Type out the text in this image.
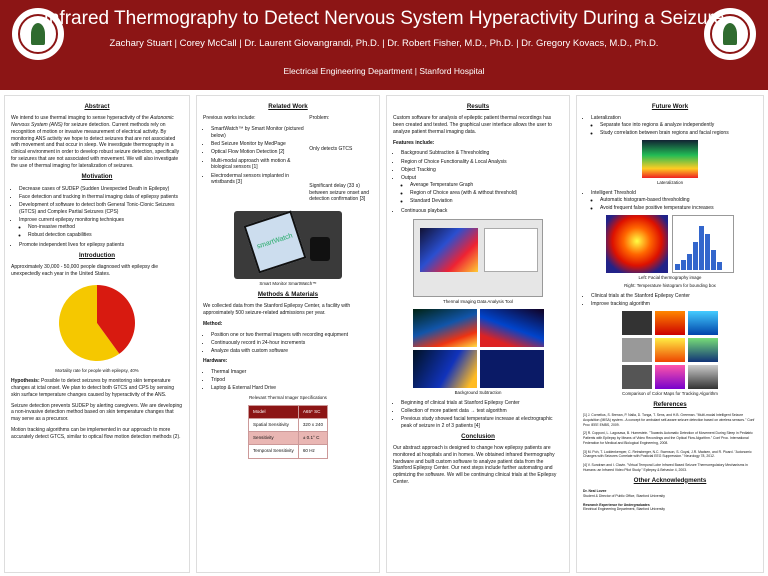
Infrared Thermography to Detect Nervous System Hyperactivity During a Seizure
Zachary Stuart | Corey McCall | Dr. Laurent Giovangrandi, Ph.D. | Dr. Robert Fisher, M.D., Ph.D. | Dr. Gregory Kovacs, M.D., Ph.D.
Electrical Engineering Department | Stanford Hospital
Abstract

We intend to use thermal imaging to sense hyperactivity of the Autonomic Nervous System (ANS) for seizure detection. Current methods rely on recognition of motion or invasive measurement of electrical activity. By monitoring ANS activity we hope to detect seizures that are not associated with movement and that occur in sleep. We investigate thermography in a clinical environment in order to develop robust seizure detection, specifically for seizures that are not associated with movement. We will also investigate the use of thermal imaging for lateralization of seizures.

Motivation
• Decrease cases of SUDEP (Sudden Unexpected Death in Epilepsy)
• Face detection and tracking in thermal imaging data of epilepsy patients
• Development of software to detect both General Tonic-Clonic Seizures (GTCS) and Complex Partial Seizures (CPS)
• Improve current epilepsy monitoring techniques
◦ Non-invasive method
◦ Robust detection capabilities
• Promote independent lives for epilepsy patients
Introduction

Approximately 30,000 - 50,000 people diagnosed with epilepsy die unexpectedly each year in the United States.

Mortality rate for people with epilepsy, 40%

Hypothesis: Possible to detect seizures by monitoring skin temperature changes at ictal onset. We plan to detect both GTCS and CPS by sensing skin surface temperature changes caused by hyperactivity of the ANS.

Seizure detection prevents SUDEP by alerting caregivers. We are developing a non-invasive detection method based on skin temperature changes that may serve as a precursor.

Motion tracking algorithms can be implemented in our approach to more accurately detect GTCS, similar to optical flow motion detection methods (2).

Related Work

Previous works include:

• SmartWatch™ by Smart Monitor (pictured below)
• Bed Seizure Monitor by MedPage
• Optical Flow Motion Detection [2]
• Multi-modal approach with motion & biological sensors [1]
• Electrodermal sensors implanted in wristbands [3]

Problem:

Only detects GTCS

Significant delay (33 s) between seizure onset and detection confirmation [3]

smartWatch
Smart Monitor SmartWatch™
Methods & Materials

We collected data from the Stanford Epilepsy Center, a facility with approximately 500 seizure-related admissions per year.

Method:

• Position one or two thermal imagers with recording equipment
• Continuously record in 24-hour increments
• Analyze data with custom software

Hardware:

• Thermal Imager
• Tripod
• Laptop & External Hard Drive
Relevant Thermal Imager Specifications
Model	A65* SC
Spatial Sensitivity	320 x 240
Sensitivity	± 0.1° C
Temporal Sensitivity	60 Hz
Results

Custom software for analysis of epileptic patient thermal recordings has been created and tested. The graphical user interface allows the user to analyze patient thermal imaging data.

Features include:

• Background Subtraction & Thresholding
• Region of Choice Functionality & Local Analysis
• Object Tracking
• Output
◦ Average Temperature Graph
◦ Region of Choice area (with & without threshold)
◦ Standard Deviation
• Continuous playback
Thermal Imaging Data Analysis Tool
Background Subtraction
• Beginning of clinical trials at Stanford Epilepsy Center
• Collection of more patient data → test algorithm
• Previous study showed facial temperature increase at electrographic peak of seizure in 2 of 3 patients [4]
Conclusion

Our abstract approach is designed to change how epilepsy patients are monitored at hospitals and in homes. We obtained infrared thermography hardware and built custom software to analyze patient data from the Stanford Epilepsy Center. Our next steps include further automating and optimizing the software. We will be continuing clinical trials at the Epilepsy Center.

Future Work
• Lateralization
◦ Separate face into regions & analyze independently
◦ Study correlation between brain regions and facial regions
Lateralization
• Intelligent Threshold
◦ Automatic histogram-based thresholding
◦ Avoid frequent false positive temperature increases
Left: Facial thermography image
Right: Temperature histogram for bounding box
• Clinical trials at the Stanford Epilepsy Center
• Improve tracking algorithm
Comparison of Color Maps for Tracking Algorithm
References

[1] J. Cornelius, S. Brenan, P. Nalla, D. Tonga, T. Sens, and H.B. Greeman. "Multi-modal Intelligent Seizure Acquisition (MISA) system - A concept for ambulant self-aware seizure detection based on wireless sensors." Conf Proc IEEE EMBS, 2009.

[2] R. Copponi, L. Lagosava, B. Humestein. "Towards Automatic Detection of Movement During Sleep in Pediatric Patients with Epilepsy by Means of Video Recordings and the Optical Flow Algorithm." Conf Proc. International Federation for Medical and Biological Engineering, 2008.

[3] M. Poh, T. Loddenkemper, C. Reinsberger, N.C. Swenson, S. Goyal, J.R. Madsen, and R. Picard. "Autonomic Changes with Seizures Correlate with Postictal EEG Suppression." Neurology 78, 2012.

[4] V. Sundram and I. Clavin. "Virtual Temporal Lobe Infrared Based Seizure Thermoregulatory Mechanisms in Humans: an Infrared Video Pilot Study." Epilepsy & Behavior 4, 2003.

Other Acknowledgments

Dr. Neal Lovee

Student & Director of Public Office, Stanford University

Research Experience for Undergraduates

Electrical Engineering Department, Stanford University
